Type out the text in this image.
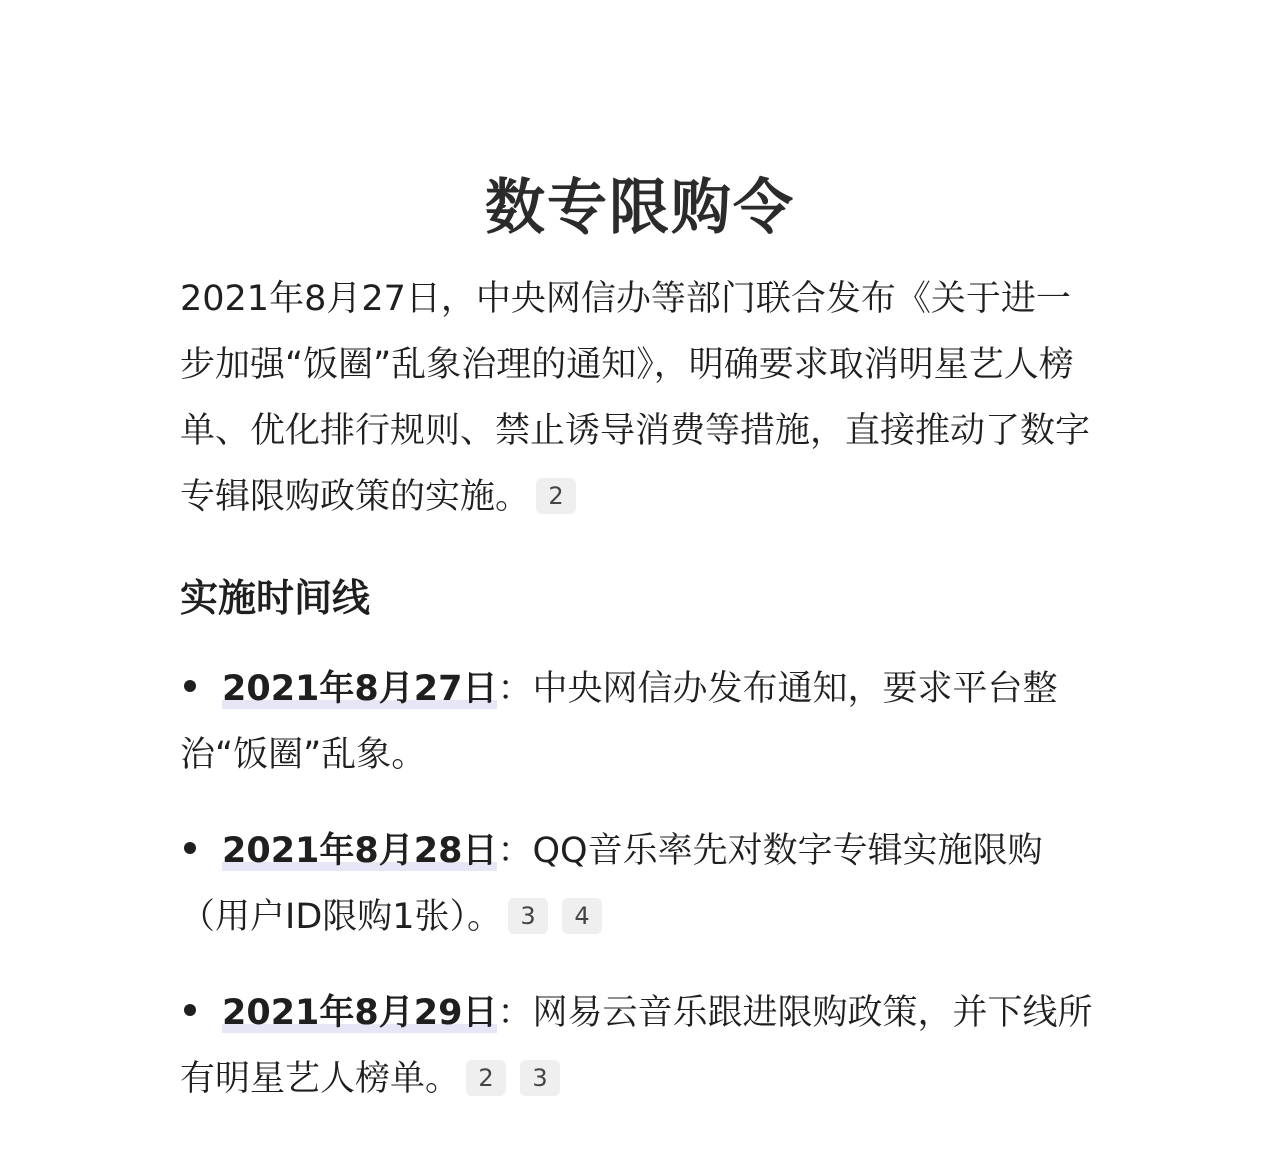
数专限购令

2021年8月27日，中央网信办等部门联合发布《关于进一步加强“饭圈”乱象治理的通知》，明确要求取消明星艺人榜单、优化排行规则、禁止诱导消费等措施，直接推动了数字专辑限购政策的实施。 2

实施时间线
2021年8月27日：中央网信办发布通知，要求平台整治“饭圈”乱象。
2021年8月28日：QQ音乐率先对数字专辑实施限购（用户ID限购1张）。 3 4
2021年8月29日：网易云音乐跟进限购政策，并下线所有明星艺人榜单。 2 3
